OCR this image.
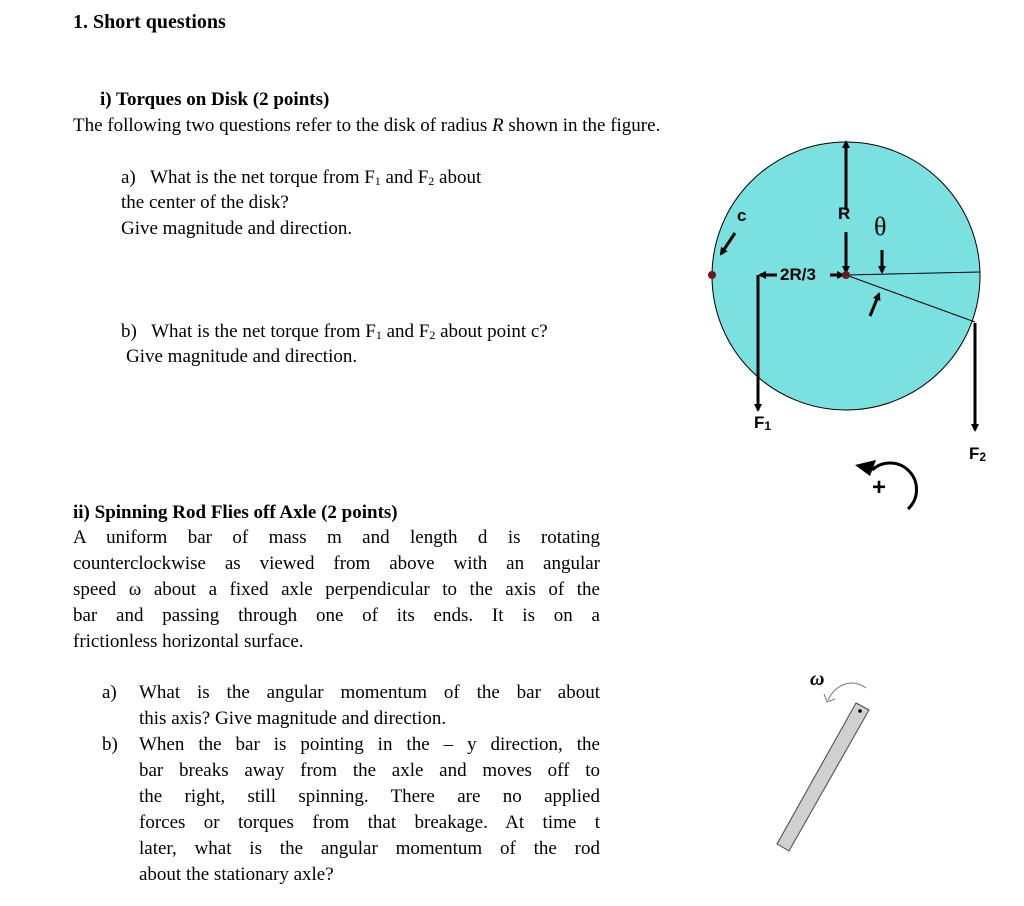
1. Short questions
i) Torques on Disk (2 points)
The following two questions refer to the disk of radius R shown in the figure.
a) What is the net torque from $F_1$ and $F_2$ about
the center of the disk?
Give magnitude and direction.
b) What is the net torque from $F_1$ and $F_2$ about point c?
Give magnitude and direction.
ii) Spinning Rod Flies off Axle (2 points)
A uniform bar of mass m and length d is rotating
counterclockwise as viewed from above with an angular
speed ω about a fixed axle perpendicular to the axis of the
bar and passing through one of its ends. It is on a
frictionless horizontal surface.
a) What is the angular momentum of the bar about
this axis? Give magnitude and direction.
b) When the bar is pointing in the – y direction, the
bar breaks away from the axle and moves off to
the right, still spinning. There are no applied
forces or torques from that breakage. At time t
later, what is the angular momentum of the rod
about the stationary axle?
c	R θ
2R/3
$F_1$
$F_2$
+
ω
